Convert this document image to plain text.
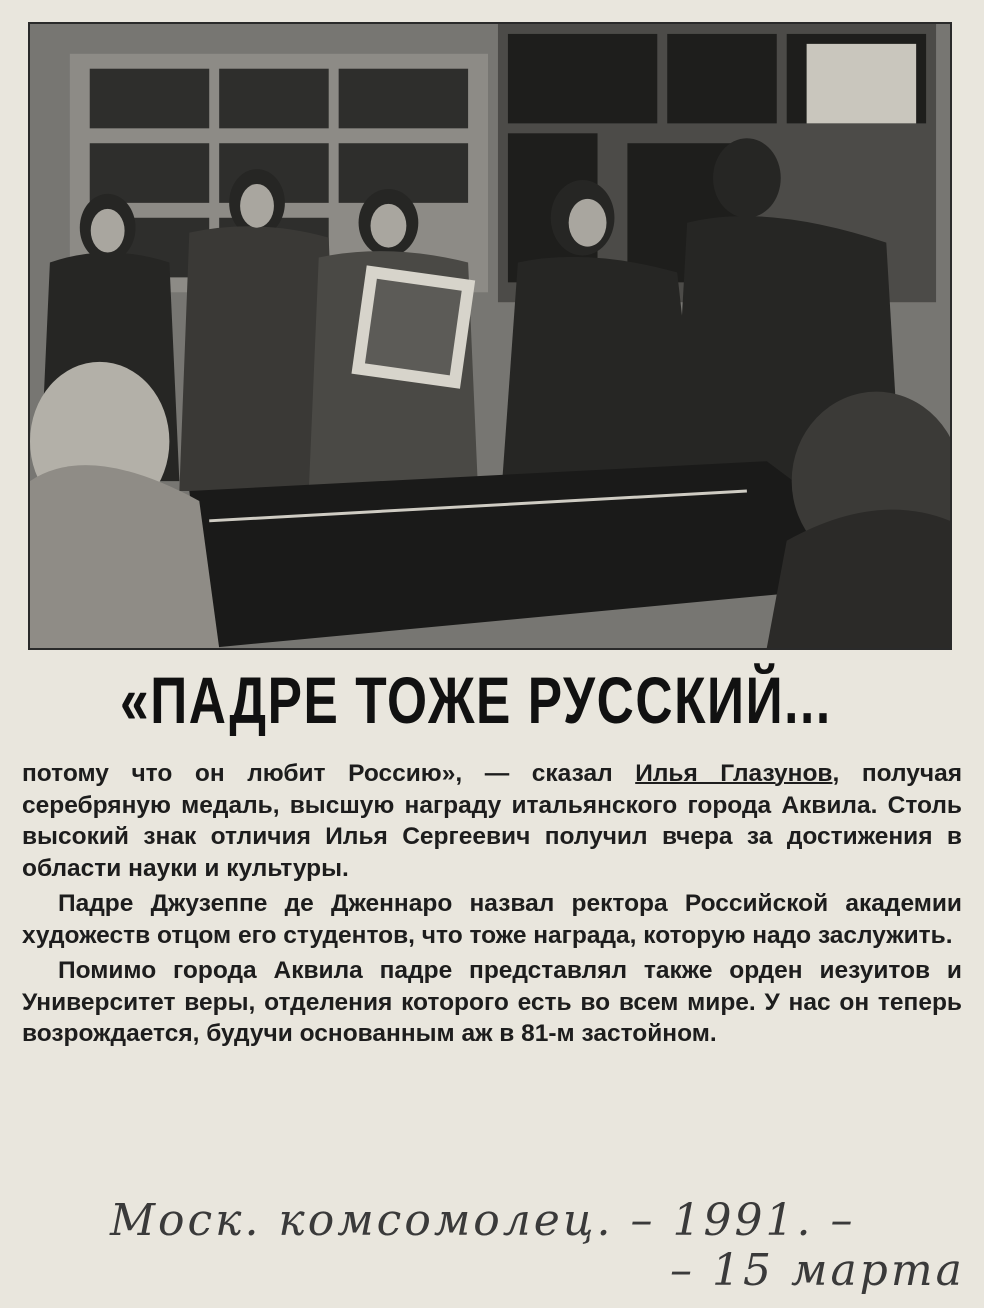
«ПАДРЕ ТОЖЕ РУССКИЙ...

потому что он любит Россию», — сказал Илья Глазунов, получая серебряную медаль, высшую награду итальянского города Аквила. Столь высокий знак отличия Илья Сергеевич получил вчера за достижения в области науки и культуры.

Падре Джузеппе де Дженнаро назвал ректора Российской академии художеств отцом его студентов, что тоже награда, которую надо заслужить.

Помимо города Аквила падре представлял также орден иезуитов и Университет веры, отделения которого есть во всем мире. У нас он теперь возрождается, будучи основанным аж в 81-м застойном.

Моск. комсомолец. – 1991. –
– 15 марта
